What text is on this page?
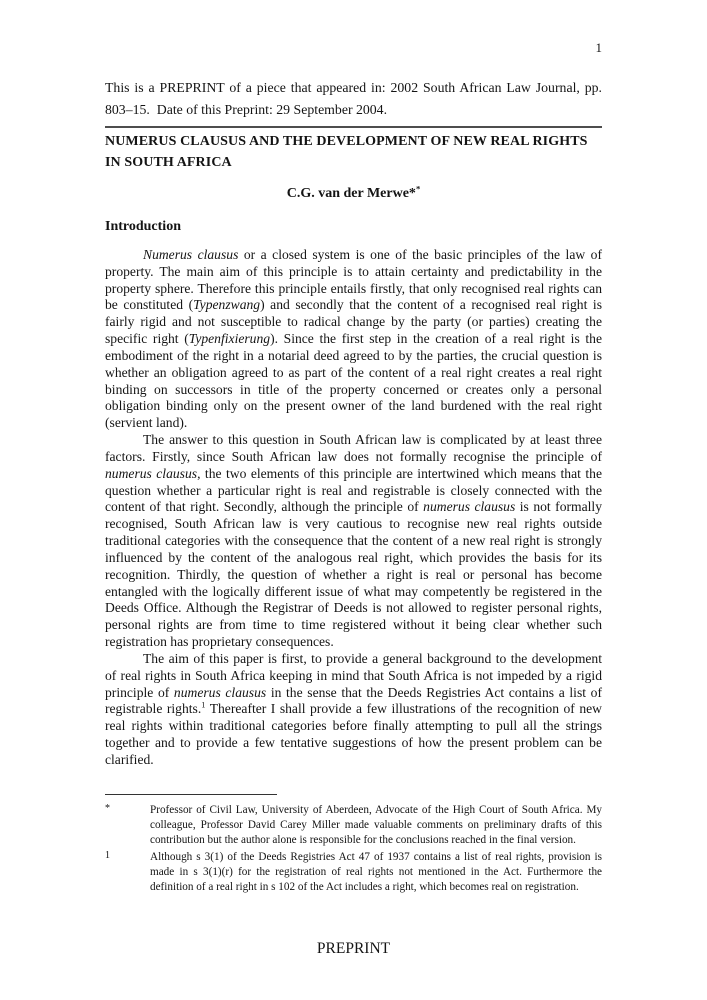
1
This is a PREPRINT of a piece that appeared in: 2002 South African Law Journal, pp. 803–15.  Date of this Preprint: 29 September 2004.
NUMERUS CLAUSUS AND THE DEVELOPMENT OF NEW REAL RIGHTS IN SOUTH AFRICA
C.G. van der Merwe**
Introduction

Numerus clausus or a closed system is one of the basic principles of the law of property. The main aim of this principle is to attain certainty and predictability in the property sphere. Therefore this principle entails firstly, that only recognised real rights can be constituted (Typenzwang) and secondly that the content of a recognised real right is fairly rigid and not susceptible to radical change by the party (or parties) creating the specific right (Typenfixierung). Since the first step in the creation of a real right is the embodiment of the right in a notarial deed agreed to by the parties, the crucial question is whether an obligation agreed to as part of the content of a real right creates a real right binding on successors in title of the property concerned or creates only a personal obligation binding only on the present owner of the land burdened with the real right (servient land).

The answer to this question in South African law is complicated by at least three factors. Firstly, since South African law does not formally recognise the principle of numerus clausus, the two elements of this principle are intertwined which means that the question whether a particular right is real and registrable is closely connected with the content of that right. Secondly, although the principle of numerus clausus is not formally recognised, South African law is very cautious to recognise new real rights outside traditional categories with the consequence that the content of a new real right is strongly influenced by the content of the analogous real right, which provides the basis for its recognition. Thirdly, the question of whether a right is real or personal has become entangled with the logically different issue of what may competently be registered in the Deeds Office. Although the Registrar of Deeds is not allowed to register personal rights, personal rights are from time to time registered without it being clear whether such registration has proprietary consequences.

The aim of this paper is first, to provide a general background to the development of real rights in South Africa keeping in mind that South Africa is not impeded by a rigid principle of numerus clausus in the sense that the Deeds Registries Act contains a list of registrable rights.$^1$ Thereafter I shall provide a few illustrations of the recognition of new real rights within traditional categories before finally attempting to pull all the strings together and to provide a few tentative suggestions of how the present problem can be clarified.

*	Professor of Civil Law, University of Aberdeen, Advocate of the High Court of South Africa. My colleague, Professor David Carey Miller made valuable comments on preliminary drafts of this contribution but the author alone is responsible for the conclusions reached in the final version.
1	Although s 3(1) of the Deeds Registries Act 47 of 1937 contains a list of real rights, provision is made in s 3(1)(r) for the registration of real rights not mentioned in the Act. Furthermore the definition of a real right in s 102 of the Act includes a right, which becomes real on registration.
PREPRINT
